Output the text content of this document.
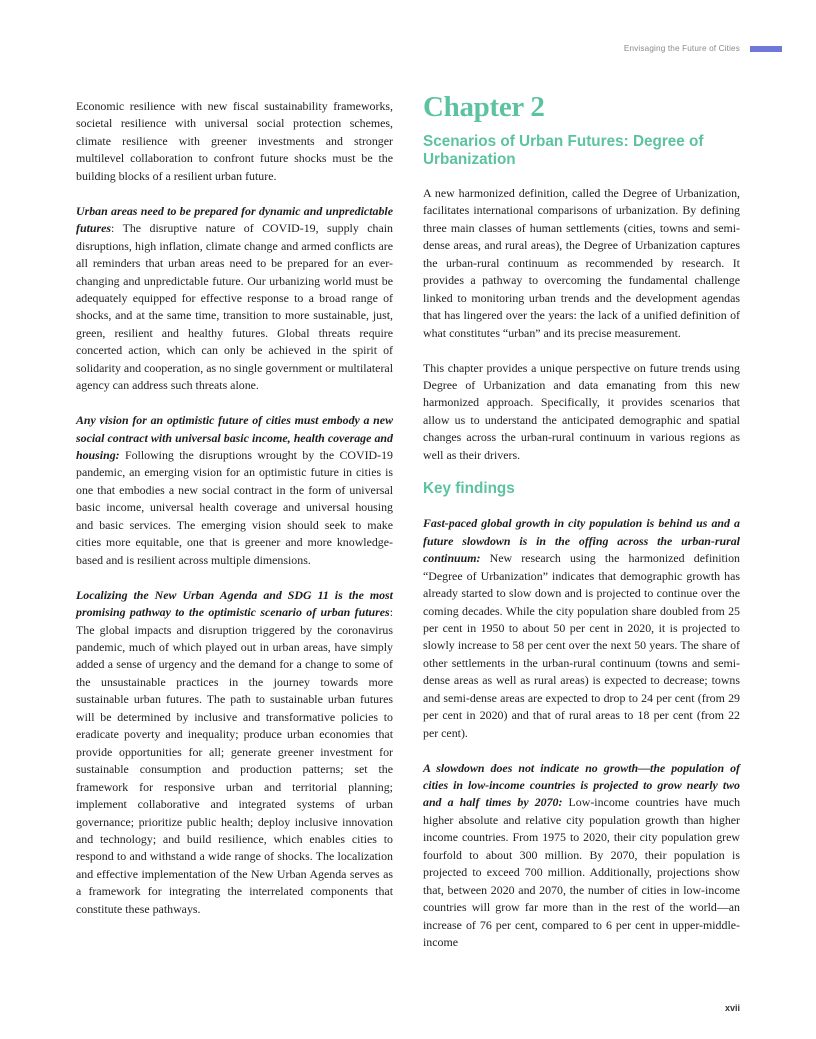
Envisaging the Future of Cities

Economic resilience with new fiscal sustainability frameworks, societal resilience with universal social protection schemes, climate resilience with greener investments and stronger multilevel collaboration to confront future shocks must be the building blocks of a resilient urban future.

Urban areas need to be prepared for dynamic and unpredictable futures: The disruptive nature of COVID-19, supply chain disruptions, high inflation, climate change and armed conflicts are all reminders that urban areas need to be prepared for an ever-changing and unpredictable future. Our urbanizing world must be adequately equipped for effective response to a broad range of shocks, and at the same time, transition to more sustainable, just, green, resilient and healthy futures. Global threats require concerted action, which can only be achieved in the spirit of solidarity and cooperation, as no single government or multilateral agency can address such threats alone.

Any vision for an optimistic future of cities must embody a new social contract with universal basic income, health coverage and housing: Following the disruptions wrought by the COVID-19 pandemic, an emerging vision for an optimistic future in cities is one that embodies a new social contract in the form of universal basic income, universal health coverage and universal housing and basic services. The emerging vision should seek to make cities more equitable, one that is greener and more knowledge-based and is resilient across multiple dimensions.

Localizing the New Urban Agenda and SDG 11 is the most promising pathway to the optimistic scenario of urban futures: The global impacts and disruption triggered by the coronavirus pandemic, much of which played out in urban areas, have simply added a sense of urgency and the demand for a change to some of the unsustainable practices in the journey towards more sustainable urban futures. The path to sustainable urban futures will be determined by inclusive and transformative policies to eradicate poverty and inequality; produce urban economies that provide opportunities for all; generate greener investment for sustainable consumption and production patterns; set the framework for responsive urban and territorial planning; implement collaborative and integrated systems of urban governance; prioritize public health; deploy inclusive innovation and technology; and build resilience, which enables cities to respond to and withstand a wide range of shocks. The localization and effective implementation of the New Urban Agenda serves as a framework for integrating the interrelated components that constitute these pathways.

Chapter 2
Scenarios of Urban Futures: Degree of Urbanization

A new harmonized definition, called the Degree of Urbanization, facilitates international comparisons of urbanization. By defining three main classes of human settlements (cities, towns and semi-dense areas, and rural areas), the Degree of Urbanization captures the urban-rural continuum as recommended by research. It provides a pathway to overcoming the fundamental challenge linked to monitoring urban trends and the development agendas that has lingered over the years: the lack of a unified definition of what constitutes “urban” and its precise measurement.

This chapter provides a unique perspective on future trends using Degree of Urbanization and data emanating from this new harmonized approach. Specifically, it provides scenarios that allow us to understand the anticipated demographic and spatial changes across the urban-rural continuum in various regions as well as their drivers.

Key findings

Fast-paced global growth in city population is behind us and a future slowdown is in the offing across the urban-rural continuum: New research using the harmonized definition “Degree of Urbanization” indicates that demographic growth has already started to slow down and is projected to continue over the coming decades. While the city population share doubled from 25 per cent in 1950 to about 50 per cent in 2020, it is projected to slowly increase to 58 per cent over the next 50 years. The share of other settlements in the urban-rural continuum (towns and semi-dense areas as well as rural areas) is expected to decrease; towns and semi-dense areas are expected to drop to 24 per cent (from 29 per cent in 2020) and that of rural areas to 18 per cent (from 22 per cent).

A slowdown does not indicate no growth—the population of cities in low-income countries is projected to grow nearly two and a half times by 2070: Low-income countries have much higher absolute and relative city population growth than higher income countries. From 1975 to 2020, their city population grew fourfold to about 300 million. By 2070, their population is projected to exceed 700 million. Additionally, projections show that, between 2020 and 2070, the number of cities in low-income countries will grow far more than in the rest of the world—an increase of 76 per cent, compared to 6 per cent in upper-middle-income

xvii
